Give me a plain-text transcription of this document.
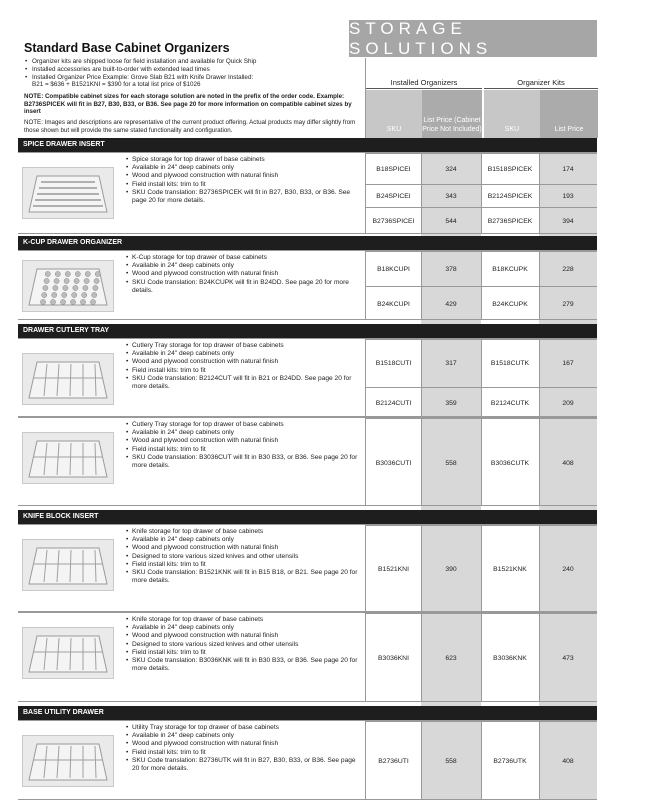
STORAGE SOLUTIONS
Standard Base Cabinet Organizers
• Organizer kits are shipped loose for field installation and available for Quick Ship
• Installed accessories are built-to-order with extended lead times
• Installed Organizer Price Example: Grove Slab B21 with Knife Drawer Installed:
B21 = $636 + B1521KNI = $390 for a total list price of $1026
NOTE: Compatible cabinet sizes for each storage solution are noted in the prefix of the order code. Example: B2736SPICEK will fit in B27, B30, B33, or B36. See page 20 for more information on compatible cabinet sizes by insert
NOTE: Images and descriptions are representative of the current product offering. Actual products may differ slightly from those shown but will provide the same stated functionality and configuration.
Installed Organizers	Organizer Kits
SKU
List Price (Cabinet Price Not Included)	SKU	List Price
SPICE DRAWER INSERT
• Spice storage for top drawer of base cabinets
• Available in 24" deep cabinets only
• Wood and plywood construction with natural finish
• Field install kits: trim to fit
• SKU Code translation: B2736SPICEK will fit in B27, B30, B33, or B36. See page 20 for more details.
B18SPICEI	324	B1518SPICEK	174
B24SPICEI	343	B2124SPICEK	193
B2736SPICEI	544	B2736SPICEK	394
K-CUP DRAWER ORGANIZER
• K-Cup storage for top drawer of base cabinets
• Available in 24" deep cabinets only
• Wood and plywood construction with natural finish
• SKU Code translation: B24KCUPK will fit in B24DD. See page 20 for more details.
B18KCUPI	378	B18KCUPK	228
B24KCUPI	429	B24KCUPK	279
DRAWER CUTLERY TRAY
• Cutlery Tray storage for top drawer of base cabinets
• Available in 24" deep cabinets only
• Wood and plywood construction with natural finish
• Field install kits: trim to fit
• SKU Code translation: B2124CUT will fit in B21 or B24DD. See page 20 for more details.
B1518CUTI	317	B1518CUTK	167
B2124CUTI	359	B2124CUTK	209
• Cutlery Tray storage for top drawer of base cabinets
• Available in 24" deep cabinets only
• Wood and plywood construction with natural finish
• Field install kits: trim to fit
• SKU Code translation: B3036CUT will fit in B30 B33, or B36. See page 20 for more details.	B3036CUTI	558	B3036CUTK	408
KNIFE BLOCK INSERT
• Knife storage for top drawer of base cabinets
• Available in 24" deep cabinets only
• Wood and plywood construction with natural finish
• Designed to store various sized knives and other utensils
• Field install kits: trim to fit
• SKU Code translation: B1521KNK will fit in B15 B18, or B21. See page 20 for more details.
B1521KNI	390	B1521KNK	240
• Knife storage for top drawer of base cabinets
• Available in 24" deep cabinets only
• Wood and plywood construction with natural finish
• Designed to store various sized knives and other utensils
• Field install kits: trim to fit
• SKU Code translation: B3036KNK will fit in B30 B33, or B36. See page 20 for more details.
B3036KNI	623	B3036KNK	473
BASE UTILITY DRAWER
• Utility Tray storage for top drawer of base cabinets
• Available in 24" deep cabinets only
• Wood and plywood construction with natural finish
• Field install kits: trim to fit
• SKU Code translation: B2736UTK will fit in B27, B30, B33, or B36. See page 20 for more details.
B2736UTI	558	B2736UTK	408
